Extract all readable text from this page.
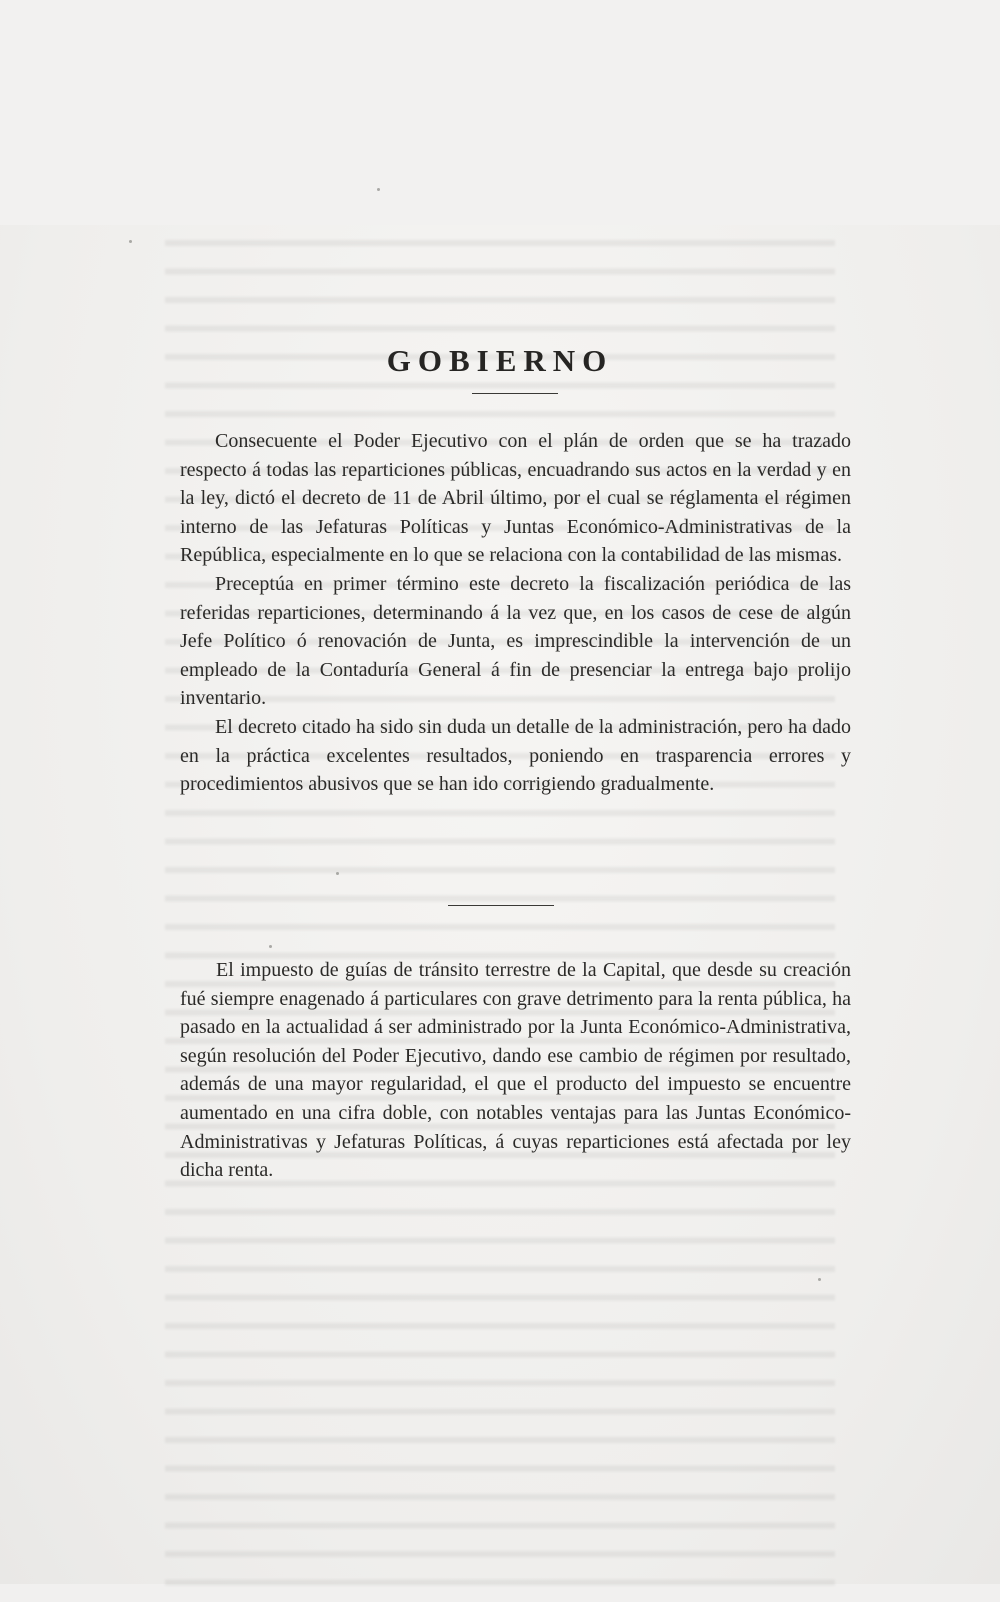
GOBIERNO

Consecuente el Poder Ejecutivo con el plán de orden que se ha trazado respecto á todas las reparticiones públicas, encuadrando sus actos en la verdad y en la ley, dictó el decreto de 11 de Abril último, por el cual se réglamenta el régimen interno de las Jefaturas Políticas y Juntas Económico-Administrativas de la República, especialmente en lo que se relaciona con la contabilidad de las mismas.

Preceptúa en primer término este decreto la fiscalización periódica de las referidas reparticiones, determinando á la vez que, en los casos de cese de algún Jefe Político ó renovación de Junta, es imprescindible la intervención de un empleado de la Contaduría General á fin de presenciar la entrega bajo prolijo inventario.

El decreto citado ha sido sin duda un detalle de la administración, pero ha dado en la práctica excelentes resultados, poniendo en trasparencia errores y procedimientos abusivos que se han ido corrigiendo gradualmente.

El impuesto de guías de tránsito terrestre de la Capital, que desde su creación fué siempre enagenado á particulares con grave detrimento para la renta pública, ha pasado en la actualidad á ser administrado por la Junta Económico-Administrativa, según resolución del Poder Ejecutivo, dando ese cambio de régimen por resultado, además de una mayor regularidad, el que el producto del impuesto se encuentre aumentado en una cifra doble, con notables ventajas para las Juntas Económico-Administrativas y Jefaturas Políticas, á cuyas reparticiones está afectada por ley dicha renta.
